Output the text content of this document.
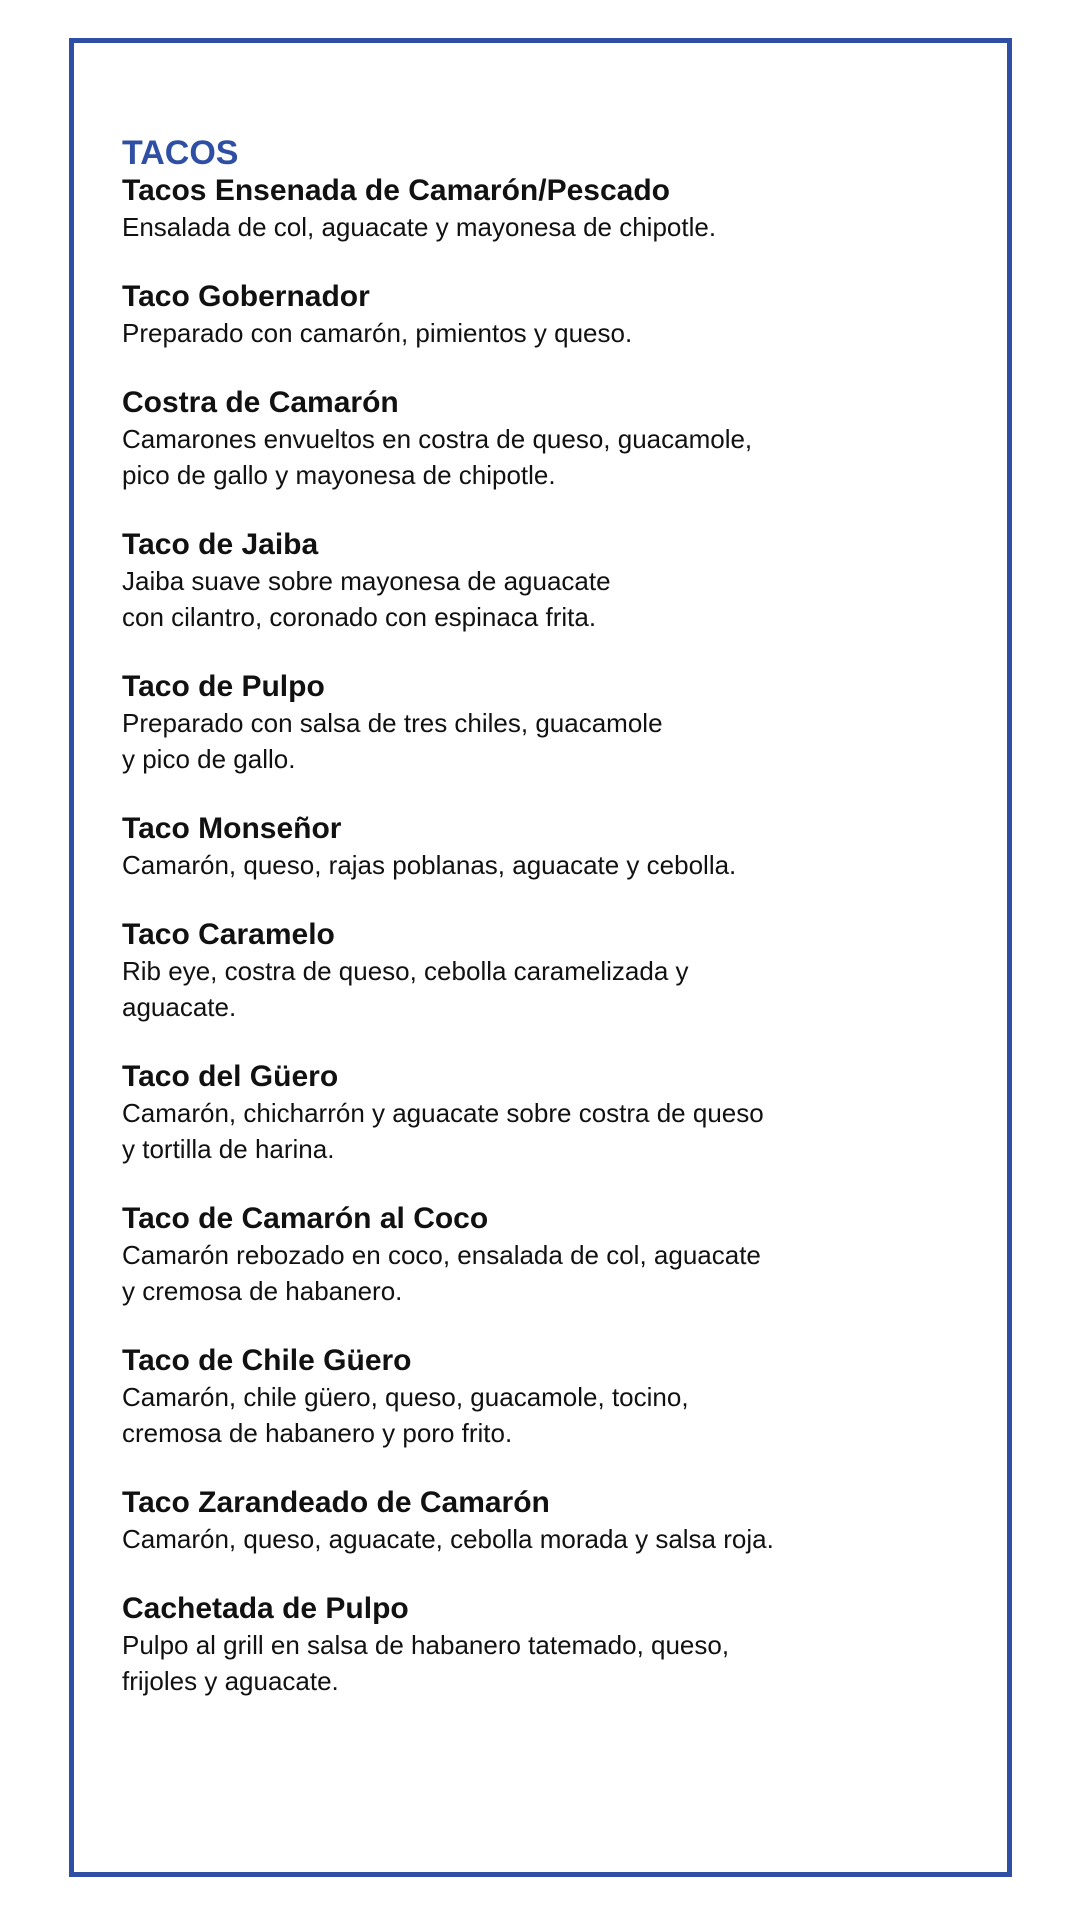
TACOS

Tacos Ensenada de Camarón/Pescado

Ensalada de col, aguacate y mayonesa de chipotle.

Taco Gobernador

Preparado con camarón, pimientos y queso.

Costra de Camarón

Camarones envueltos en costra de queso, guacamole,
pico de gallo y mayonesa de chipotle.

Taco de Jaiba

Jaiba suave sobre mayonesa de aguacate
con cilantro, coronado con espinaca frita.

Taco de Pulpo

Preparado con salsa de tres chiles, guacamole
y pico de gallo.

Taco Monseñor

Camarón, queso, rajas poblanas, aguacate y cebolla.

Taco Caramelo

Rib eye, costra de queso, cebolla caramelizada y
aguacate.

Taco del Güero

Camarón, chicharrón y aguacate sobre costra de queso
y tortilla de harina.

Taco de Camarón al Coco

Camarón rebozado en coco, ensalada de col, aguacate
y cremosa de habanero.

Taco de Chile Güero

Camarón, chile güero, queso, guacamole, tocino,
cremosa de habanero y poro frito.

Taco Zarandeado de Camarón

Camarón, queso, aguacate, cebolla morada y salsa roja.

Cachetada de Pulpo

Pulpo al grill en salsa de habanero tatemado, queso,
frijoles y aguacate.
